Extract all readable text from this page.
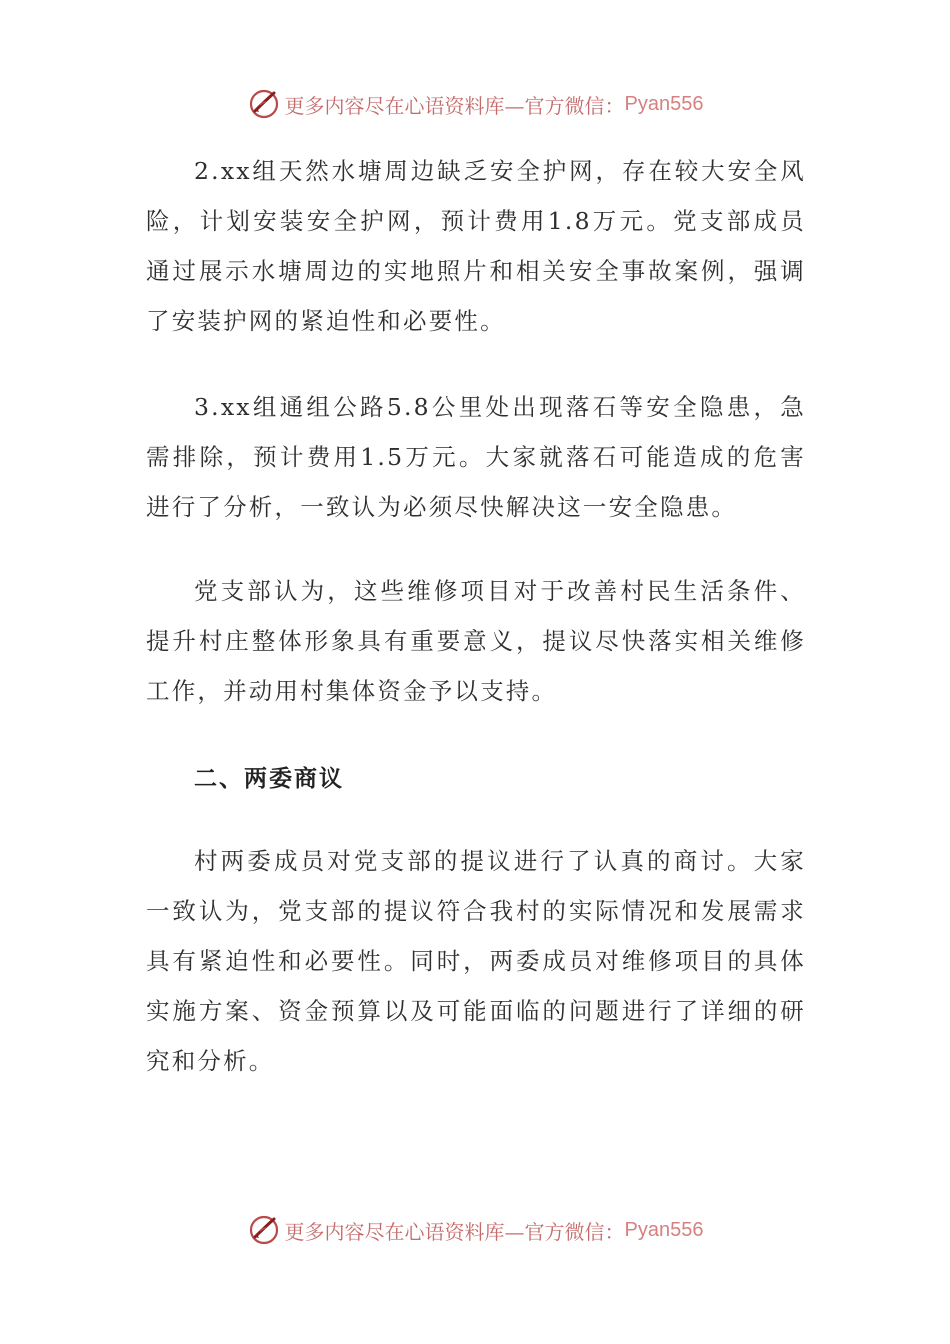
更多内容尽在心语资料库—官方微信： Pyan556

2.xx组天然水塘周边缺乏安全护网，存在较大安全风险，计划安装安全护网，预计费用1.8万元。党支部成员通过展示水塘周边的实地照片和相关安全事故案例，强调了安装护网的紧迫性和必要性。

3.xx组通组公路5.8公里处出现落石等安全隐患，急需排除，预计费用1.5万元。大家就落石可能造成的危害进行了分析，一致认为必须尽快解决这一安全隐患。

党支部认为，这些维修项目对于改善村民生活条件、提升村庄整体形象具有重要意义，提议尽快落实相关维修工作，并动用村集体资金予以支持。

二、两委商议

村两委成员对党支部的提议进行了认真的商讨。大家一致认为，党支部的提议符合我村的实际情况和发展需求具有紧迫性和必要性。同时，两委成员对维修项目的具体实施方案、资金预算以及可能面临的问题进行了详细的研究和分析。

更多内容尽在心语资料库—官方微信： Pyan556
